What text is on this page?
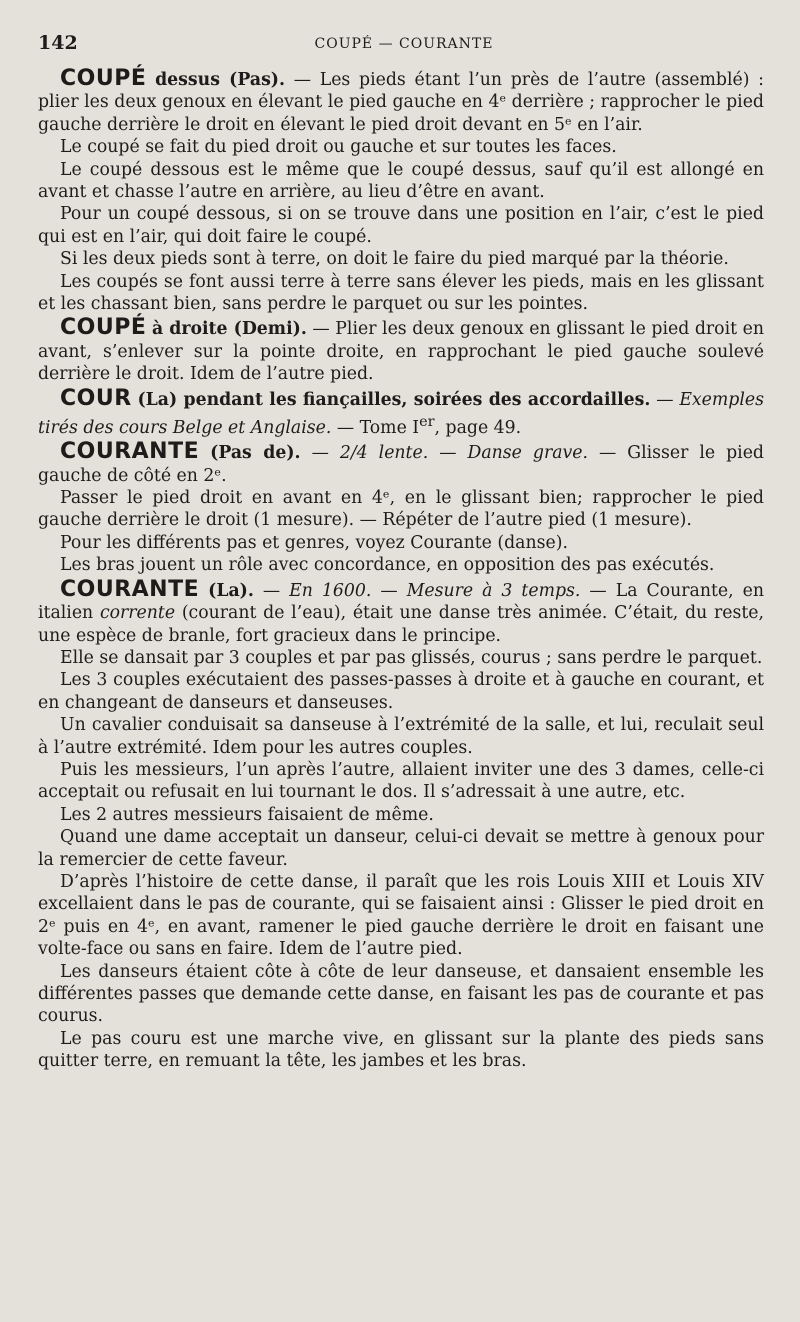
142	COUPÉ — COURANTE

COUPÉ dessus (Pas). — Les pieds étant l’un près de l’autre (assemblé) : plier les deux genoux en élevant le pied gauche en 4ᵉ derrière ; rapprocher le pied gauche derrière le droit en élevant le pied droit devant en 5ᵉ en l’air.

Le coupé se fait du pied droit ou gauche et sur toutes les faces.

Le coupé dessous est le même que le coupé dessus, sauf qu’il est allongé en avant et chasse l’autre en arrière, au lieu d’être en avant.

Pour un coupé dessous, si on se trouve dans une position en l’air, c’est le pied qui est en l’air, qui doit faire le coupé.

Si les deux pieds sont à terre, on doit le faire du pied marqué par la théorie.

Les coupés se font aussi terre à terre sans élever les pieds, mais en les glissant et les chassant bien, sans perdre le parquet ou sur les pointes.

COUPÉ à droite (Demi). — Plier les deux genoux en glissant le pied droit en avant, s’enlever sur la pointe droite, en rapprochant le pied gauche soulevé derrière le droit. Idem de l’autre pied.

COUR (La) pendant les fiançailles, soirées des accordailles. — Exemples tirés des cours Belge et Anglaise. — Tome Ier, page 49.

COURANTE (Pas de). — 2/4 lente. — Danse grave. — Glisser le pied gauche de côté en 2ᵉ.

Passer le pied droit en avant en 4ᵉ, en le glissant bien; rapprocher le pied gauche derrière le droit (1 mesure). — Répéter de l’autre pied (1 mesure).

Pour les différents pas et genres, voyez Courante (danse).

Les bras jouent un rôle avec concordance, en opposition des pas exécutés.

COURANTE (La). — En 1600. — Mesure à 3 temps. — La Courante, en italien corrente (courant de l’eau), était une danse très animée. C’était, du reste, une espèce de branle, fort gracieux dans le principe.

Elle se dansait par 3 couples et par pas glissés, courus ; sans perdre le parquet.

Les 3 couples exécutaient des passes-passes à droite et à gauche en courant, et en changeant de danseurs et danseuses.

Un cavalier conduisait sa danseuse à l’extrémité de la salle, et lui, reculait seul à l’autre extrémité. Idem pour les autres couples.

Puis les messieurs, l’un après l’autre, allaient inviter une des 3 dames, celle-ci acceptait ou refusait en lui tournant le dos. Il s’adressait à une autre, etc.

Les 2 autres messieurs faisaient de même.

Quand une dame acceptait un danseur, celui-ci devait se mettre à genoux pour la remercier de cette faveur.

D’après l’histoire de cette danse, il paraît que les rois Louis XIII et Louis XIV excellaient dans le pas de courante, qui se faisaient ainsi : Glisser le pied droit en 2ᵉ puis en 4ᵉ, en avant, ramener le pied gauche derrière le droit en faisant une volte-face ou sans en faire. Idem de l’autre pied.

Les danseurs étaient côte à côte de leur danseuse, et dansaient ensemble les différentes passes que demande cette danse, en faisant les pas de courante et pas courus.

Le pas couru est une marche vive, en glissant sur la plante des pieds sans quitter terre, en remuant la tête, les jambes et les bras.
